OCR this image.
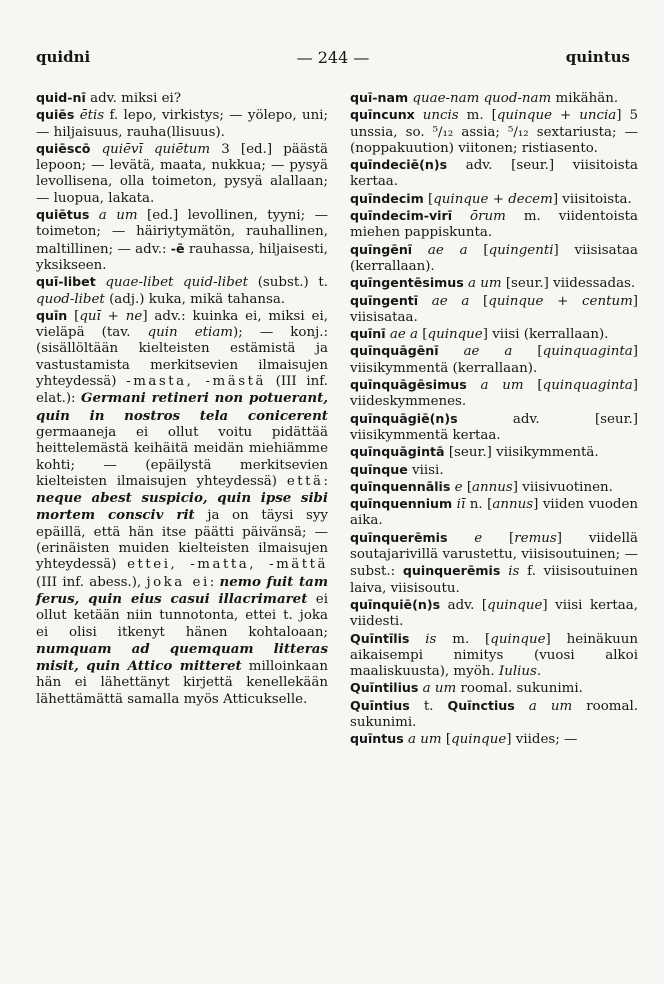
quidni	— 244 —	quintus
quid-nī adv. miksi ei?
quiēs ētis f. lepo, virkistys; — yölepo, uni; — hiljaisuus, rauha(llisuus).
quiēscō quiēvī quiētum 3 [ed.] päästä lepoon; — levätä, maata, nukkua; — pysyä levollisena, olla toimeton, pysyä alallaan; — luopua, lakata.
quiētus a um [ed.] levollinen, tyyni; — toimeton; — häiriytymätön, rauhallinen, maltillinen; — adv.: -ē rauhassa, hiljaisesti, yksikseen.
quī-libet quae-libet quid-libet (subst.) t. quod-libet (adj.) kuka, mikä tahansa.
quīn [quī + ne] adv.: kuinka ei, miksi ei, vieläpä (tav. quin etiam); — konj.: (sisällöltään kielteisten estämistä ja vastustamista merkitsevien ilmaisujen yhteydessä) -masta, -mästä (III inf. elat.): Germani retineri non potuerant, quin in nostros tela conicerent germaaneja ei ollut voitu pidättää heittelemästä keihäitä meidän miehiämme kohti; — (epäilystä merkitsevien kielteisten ilmaisujen yhteydessä) että: neque abest suspicio, quin ipse sibi mortem consciv rit ja on täysi syy epäillä, että hän itse päätti päivänsä; — (erinäisten muiden kielteisten ilmaisujen yhteydessä) ettei, -matta, -mättä (III inf. abess.), joka ei: nemo fuit tam ferus, quin eius casui illacrimaret ei ollut ketään niin tunnotonta, ettei t. joka ei olisi itkenyt hänen kohtaloaan; numquam ad quemquam litteras misit, quin Attico mitteret milloinkaan hän ei lähettänyt kirjettä kenellekään lähettämättä samalla myös Atticukselle.
quī-nam quae-nam quod-nam mikähän.
quīncunx uncis m. [quinque + uncia] 5 unssia, so. ⁵/₁₂ assia; ⁵/₁₂ sextariusta; — (noppakuution) viitonen; ristiasento.
quīndeciē(n)s adv. [seur.] viisitoista kertaa.
quīndecim [quinque + decem] viisitoista.
quīndecim-virī ōrum m. viidentoista miehen pappiskunta.
quīngēnī ae a [quingenti] viisisataa (kerrallaan).
quīngentēsimus a um [seur.] viidessadas.
quīngentī ae a [quinque + centum] viisisataa.
quīnī ae a [quinque] viisi (kerrallaan).
quīnquāgēnī ae a [quinquaginta] viisikymmentä (kerrallaan).
quīnquāgēsimus a um [quinquaginta] viideskymmenes.
quīnquāgiē(n)s adv. [seur.] viisikymmentä kertaa.
quīnquāgintā [seur.] viisikymmentä.
quīnque viisi.
quīnquennālis e [annus] viisivuotinen.
quīnquennium iī n. [annus] viiden vuoden aika.
quīnquerēmis e [remus] viidellä soutajarivillä varustettu, viisisoutuinen; — subst.: quinquerēmis is f. viisisoutuinen laiva, viisisoutu.
quīnquiē(n)s adv. [quinque] viisi kertaa, viidesti.
Quīntīlis is m. [quinque] heinäkuun aikaisempi nimitys (vuosi alkoi maaliskuusta), myöh. Iulius.
Quīntilius a um roomal. sukunimi.
Quīntius t. Quīnctius a um roomal. sukunimi.
quīntus a um [quinque] viides; —
